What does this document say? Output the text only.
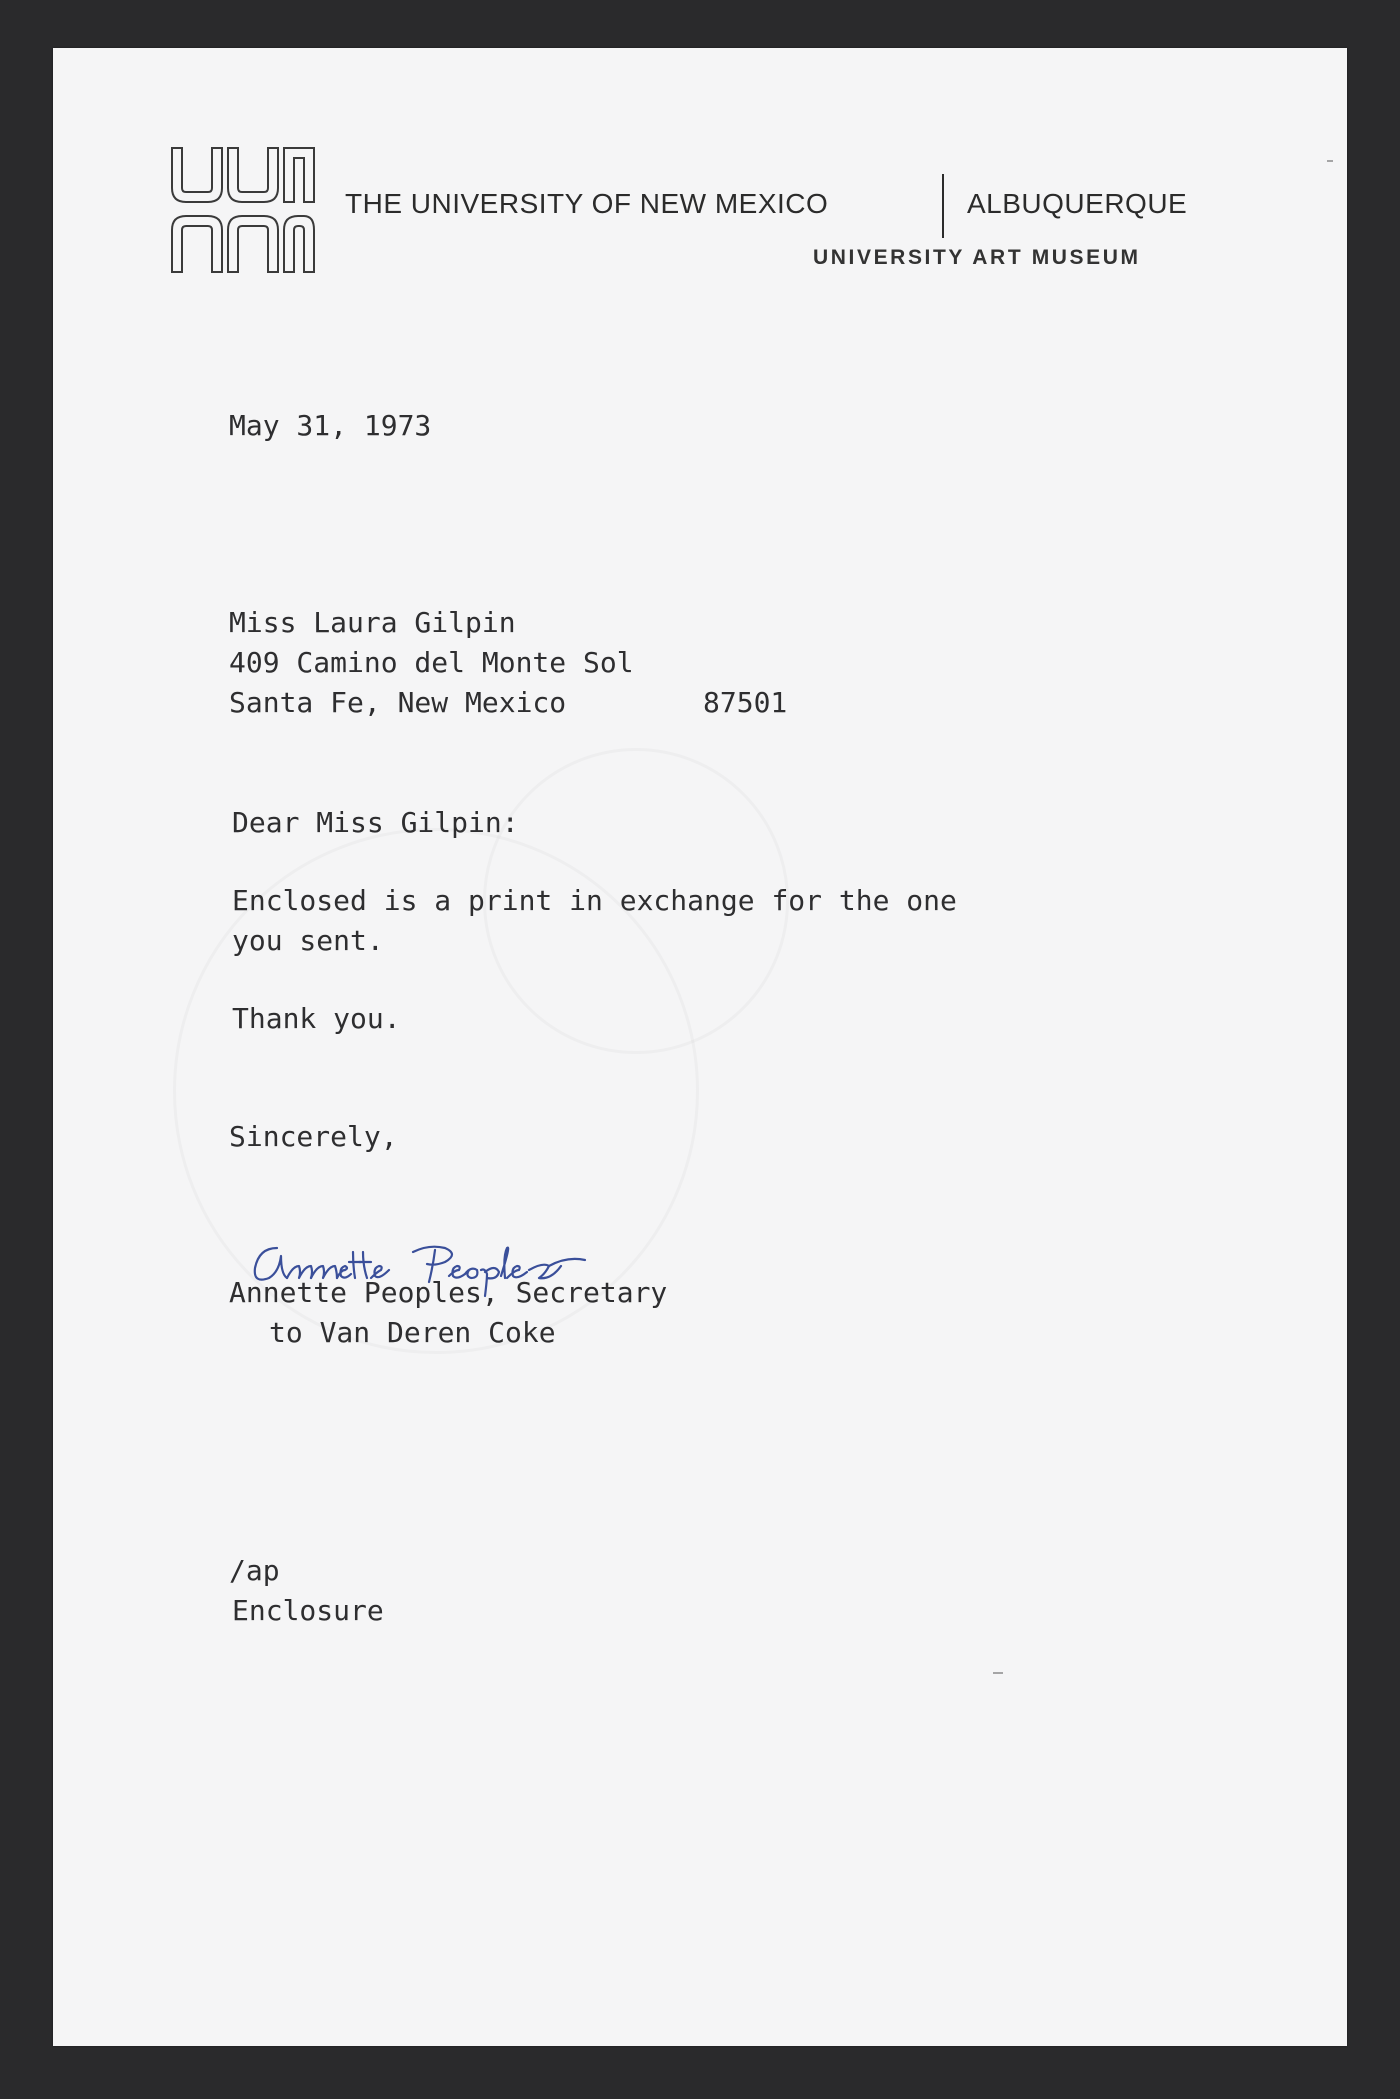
THE UNIVERSITY OF NEW MEXICO	ALBUQUERQUE
UNIVERSITY ART MUSEUM
May 31, 1973
Miss Laura Gilpin
409 Camino del Monte Sol
Santa Fe, New Mexico	87501
Dear Miss Gilpin:
Enclosed is a print in exchange for the one
you sent.
Thank you.
Sincerely,
Annette Peoples, Secretary
to Van Deren Coke
/ap
Enclosure
